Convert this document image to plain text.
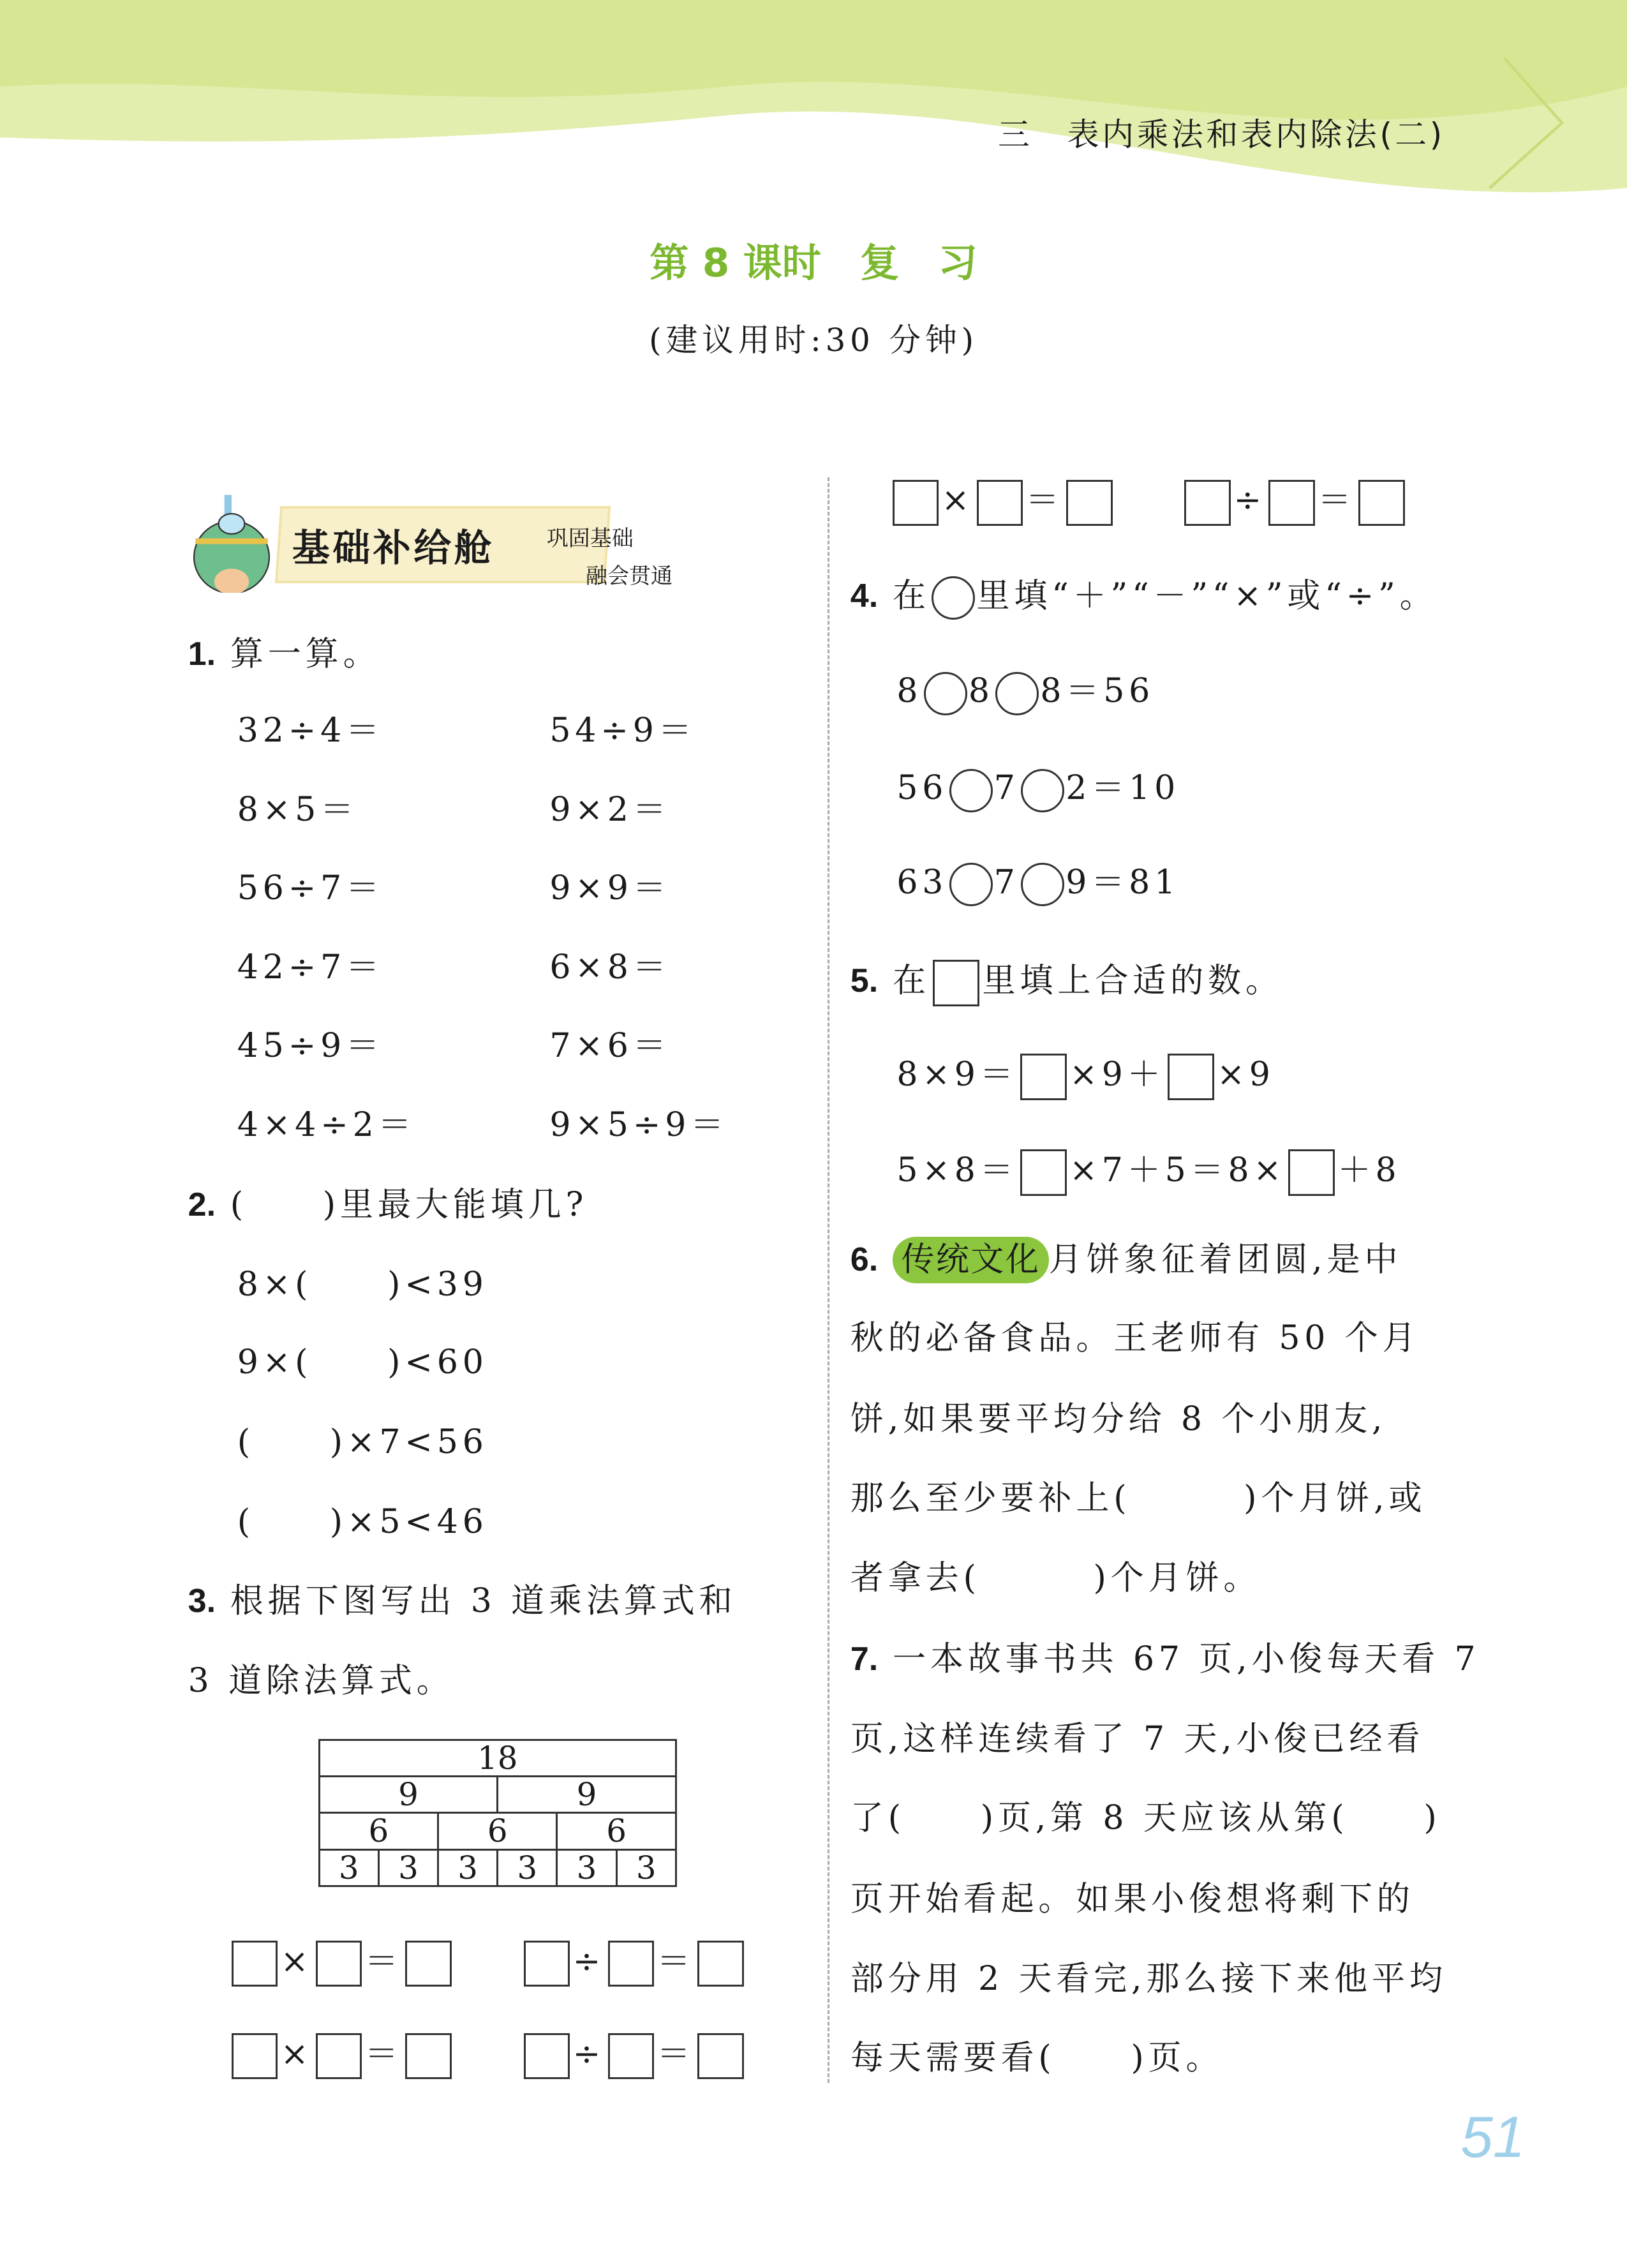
三　表内乘法和表内除法(二)
第 8 课时　复　习
(建议用时:30 分钟)
基础补给舱	巩固基础
融会贯通
1. 算一算。
2. (　　)里最大能填几?
3. 根据下图写出 3 道乘法算式和
3 道除法算式。
18					
9			9		
6		6		6	
3	3	3	3	3	3
×	＝	÷	＝
×	＝	÷	＝
×	＝	÷	＝
4. 在	里填“＋”“－”“×”或“÷”。
8	8	8＝56
56	7	2＝10
63	7	9＝81
5. 在	里填上合适的数。
8×9＝	×9＋	×9
5×8＝	×7＋5＝8×	＋8
6. 传统文化 月饼象征着团圆,是中
7. 一本故事书共 67 页,小俊每天看 7
51
32÷4＝	54÷9＝
8×5＝	9×2＝
56÷7＝	9×9＝
42÷7＝	6×8＝
45÷9＝	7×6＝
4×4÷2＝	9×5÷9＝
8×(　　)<39
9×(　　)<60
(　　)×7<56
(　　)×5<46
秋的必备食品。王老师有 50 个月
饼,如果要平均分给 8 个小朋友,
那么至少要补上(　　　)个月饼,或
者拿去(　　　)个月饼。
页,这样连续看了 7 天,小俊已经看
了(　　)页,第 8 天应该从第(　　)
页开始看起。如果小俊想将剩下的
部分用 2 天看完,那么接下来他平均
每天需要看(　　)页。
